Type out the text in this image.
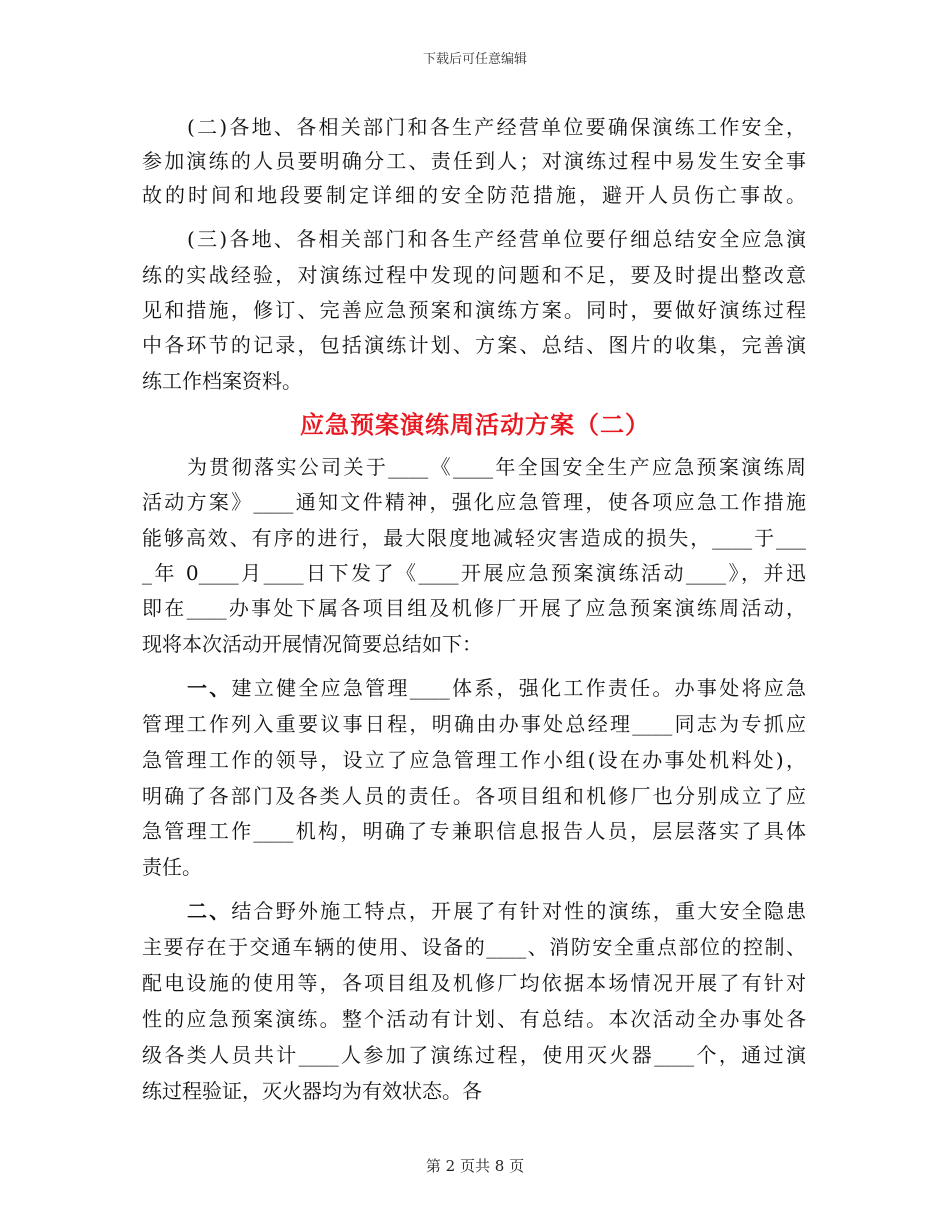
下载后可任意编辑
(二)各地、各相关部门和各生产经营单位要确保演练工作安全，
参加演练的人员要明确分工、责任到人；对演练过程中易发生安全事
故的时间和地段要制定详细的安全防范措施，避开人员伤亡事故。
(三)各地、各相关部门和各生产经营单位要仔细总结安全应急演
练的实战经验，对演练过程中发现的问题和不足，要及时提出整改意
见和措施，修订、完善应急预案和演练方案。同时，要做好演练过程
中各环节的记录，包括演练计划、方案、总结、图片的收集，完善演
练工作档案资料。
应急预案演练周活动方案（二）
为贯彻落实公司关于____《____年全国安全生产应急预案演练周
活动方案》____通知文件精神，强化应急管理，使各项应急工作措施
能够高效、有序的进行，最大限度地减轻灾害造成的损失，____于___
_年 0____月____日下发了《____开展应急预案演练活动____》，并迅
即在____办事处下属各项目组及机修厂开展了应急预案演练周活动，
现将本次活动开展情况简要总结如下：
一、建立健全应急管理____体系，强化工作责任。办事处将应急
管理工作列入重要议事日程，明确由办事处总经理____同志为专抓应
急管理工作的领导，设立了应急管理工作小组(设在办事处机料处)，
明确了各部门及各类人员的责任。各项目组和机修厂也分别成立了应
急管理工作____机构，明确了专兼职信息报告人员，层层落实了具体
责任。
二、结合野外施工特点，开展了有针对性的演练，重大安全隐患
主要存在于交通车辆的使用、设备的____、消防安全重点部位的控制、
配电设施的使用等，各项目组及机修厂均依据本场情况开展了有针对
性的应急预案演练。整个活动有计划、有总结。本次活动全办事处各
级各类人员共计____人参加了演练过程，使用灭火器____个，通过演
练过程验证，灭火器均为有效状态。各
第 2 页共 8 页
